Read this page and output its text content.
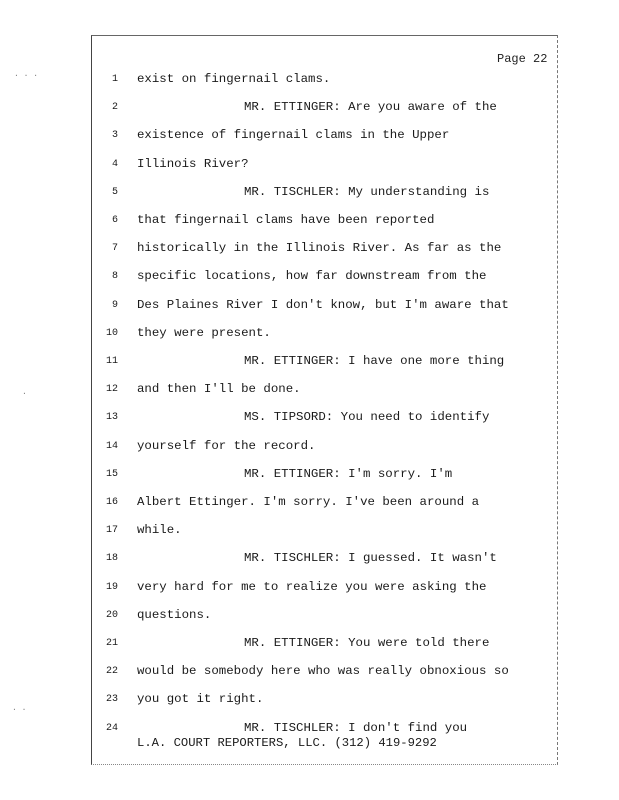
Page 22
1 exist on fingernail clams.
2	MR. ETTINGER: Are you aware of the
3 existence of fingernail clams in the Upper
4 Illinois River?
5	MR. TISCHLER: My understanding is
6 that fingernail clams have been reported
7 historically in the Illinois River. As far as the
8 specific locations, how far downstream from the
9 Des Plaines River I don't know, but I'm aware that
10 they were present.
11	MR. ETTINGER: I have one more thing
12 and then I'll be done.
13	MS. TIPSORD: You need to identify
14 yourself for the record.
15	MR. ETTINGER: I'm sorry. I'm
16 Albert Ettinger. I'm sorry. I've been around a
17 while.
18	MR. TISCHLER: I guessed. It wasn't
19 very hard for me to realize you were asking the
20 questions.
21	MR. ETTINGER: You were told there
22 would be somebody here who was really obnoxious so
23 you got it right.
24	MR. TISCHLER: I don't find you
L.A. COURT REPORTERS, LLC. (312) 419-9292
. . .
.
. .
